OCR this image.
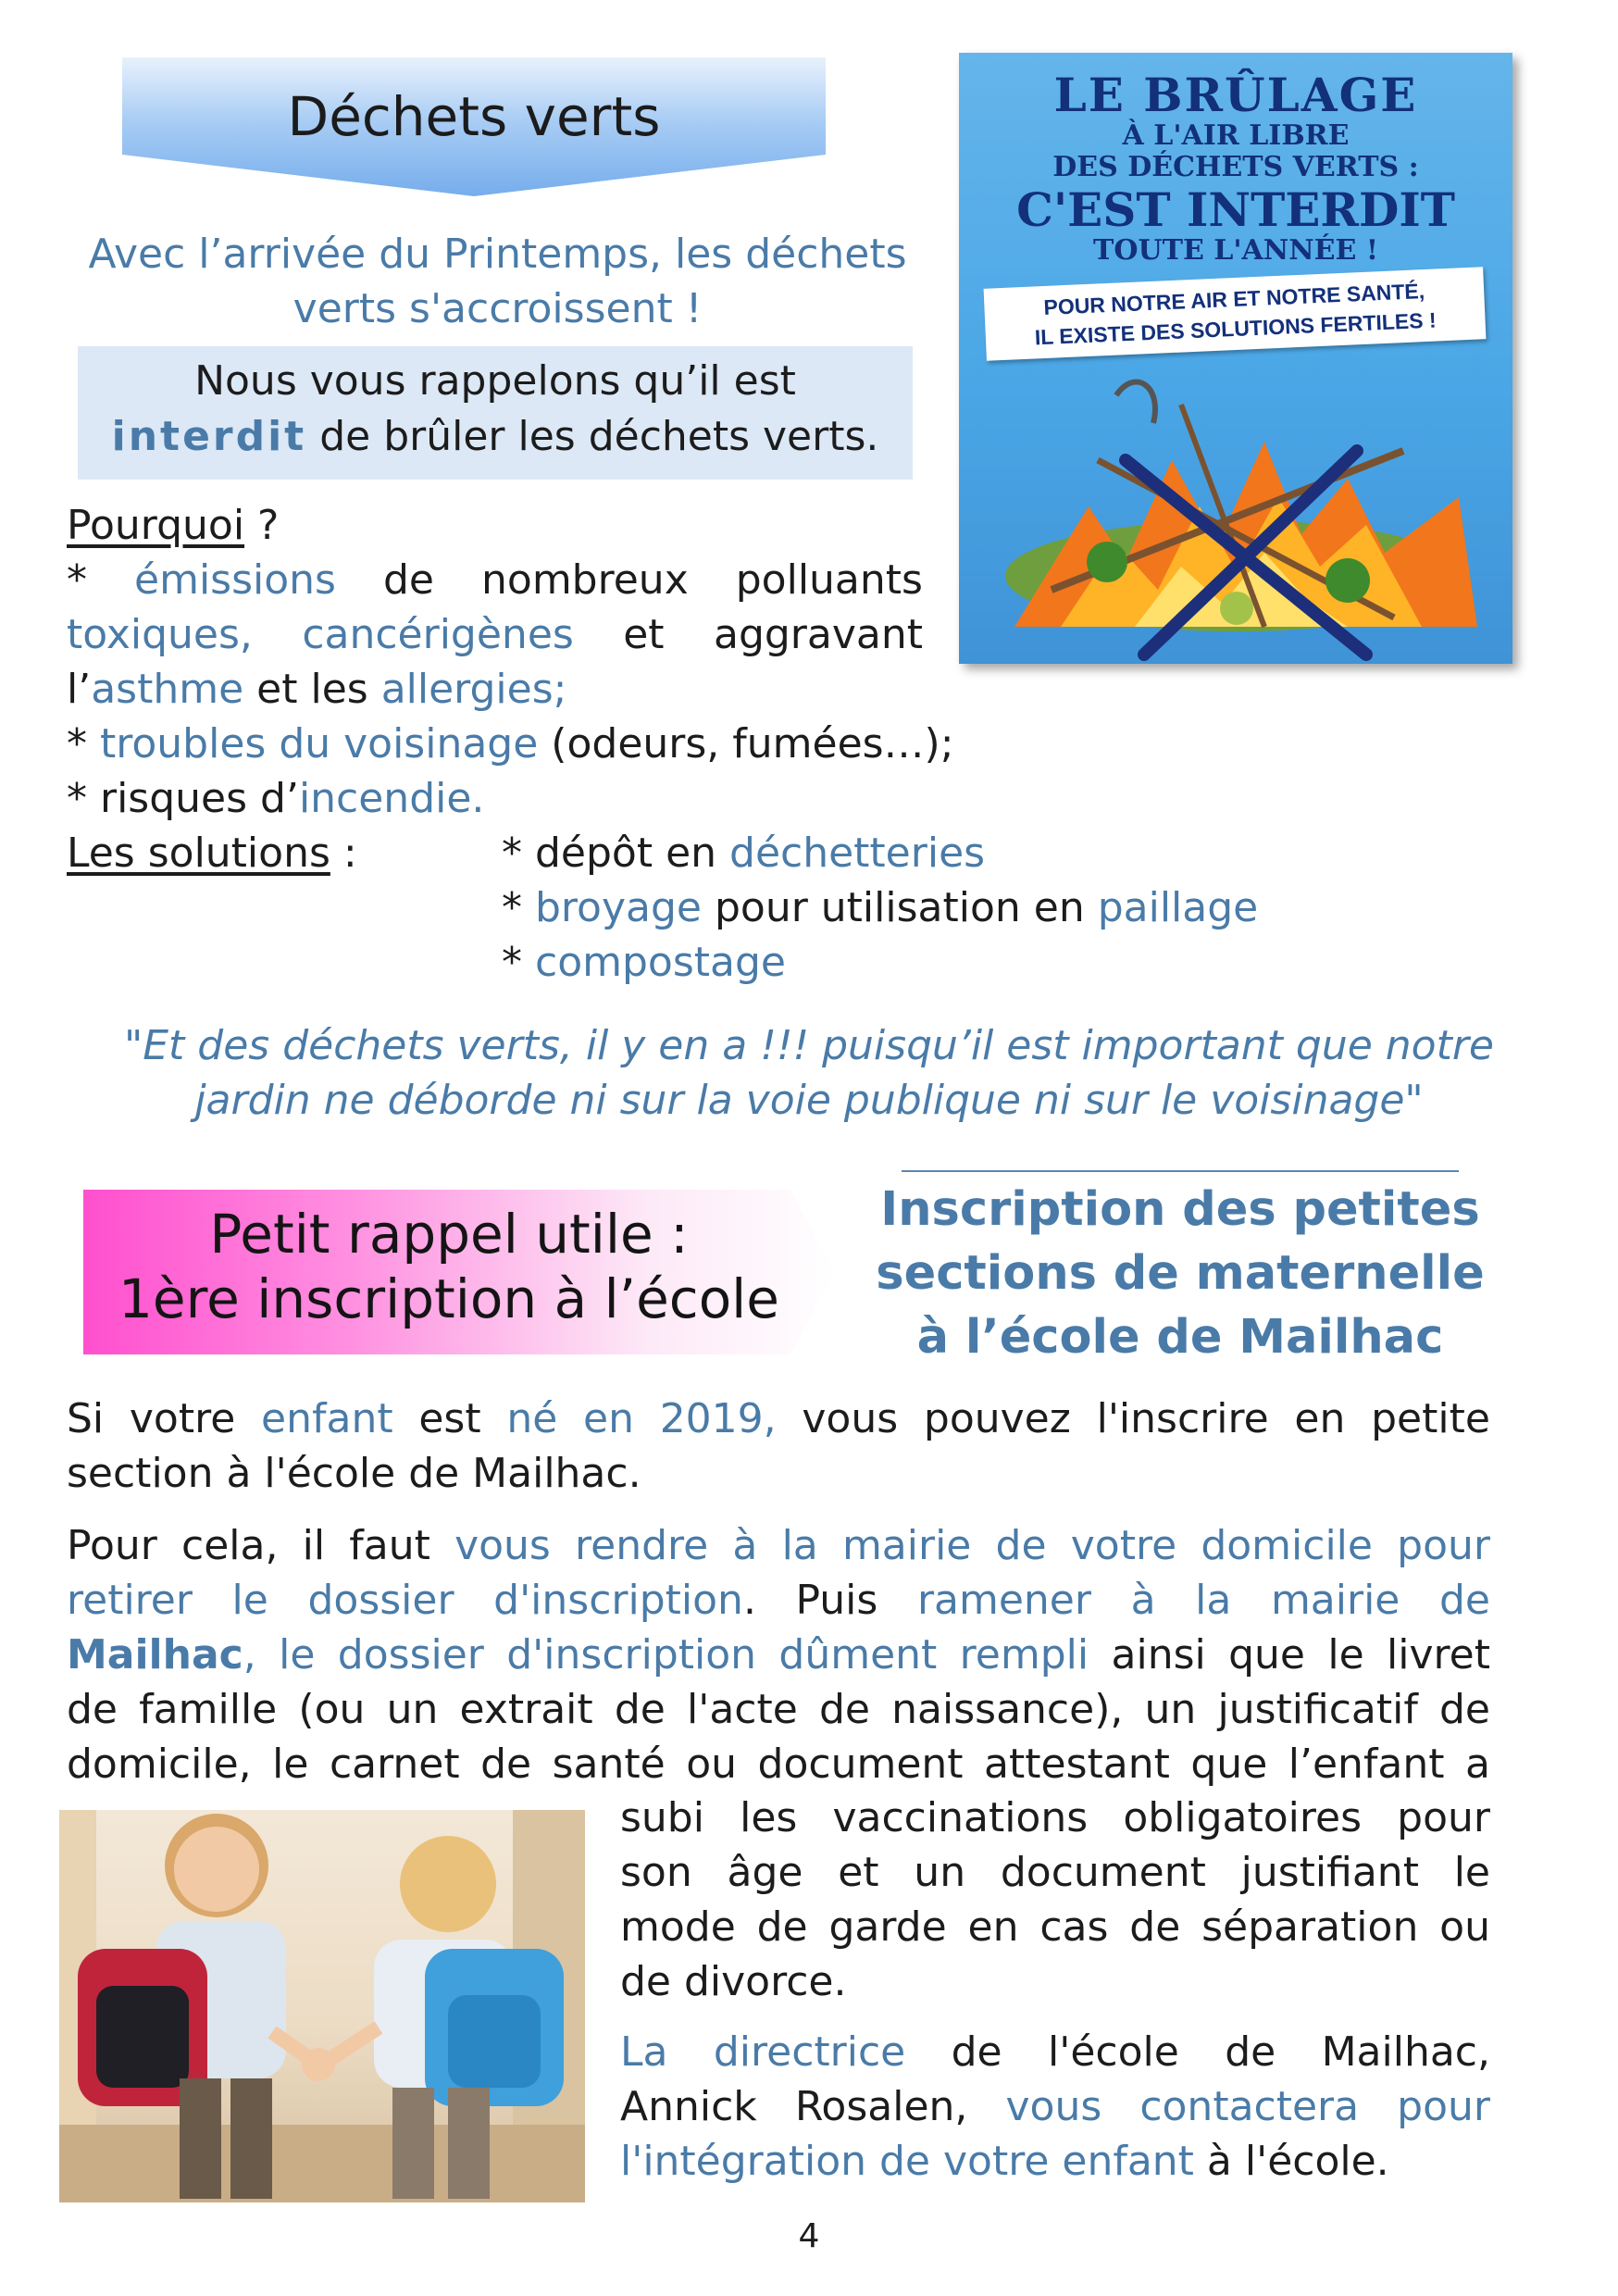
Déchets verts
Avec l’arrivée du Printemps, les déchets verts s'accroissent !
Nous vous rappelons qu’il est
interdit de brûler les déchets verts.
LE BRÛLAGE
À L'AIR LIBRE
DES DÉCHETS VERTS :
C'EST INTERDIT
TOUTE L'ANNÉE !
POUR NOTRE AIR ET NOTRE SANTÉ,
IL EXISTE DES SOLUTIONS FERTILES !
Pourquoi ?
* émissions de nombreux polluants
toxiques, cancérigènes et aggravant
l’asthme et les allergies;
* troubles du voisinage (odeurs, fumées…);
* risques d’incendie.
Les solutions :	* dépôt en déchetteries
* broyage pour utilisation en paillage
* compostage
"Et des déchets verts, il y en a !!! puisqu’il est important que notre
jardin ne déborde ni sur la voie publique ni sur le voisinage"
Petit rappel utile :
1ère inscription à l’école
Inscription des petites
sections de maternelle
à l’école de Mailhac
Si votre enfant est né en 2019, vous pouvez l'inscrire en petite
section à l'école de Mailhac.
Pour cela, il faut vous rendre à la mairie de votre domicile pour
retirer le dossier d'inscription. Puis ramener à la mairie de
Mailhac, le dossier d'inscription dûment rempli ainsi que le livret
de famille (ou un extrait de l'acte de naissance), un justificatif de
domicile, le carnet de santé ou document attestant que l’enfant a
subi les vaccinations obligatoires pour
son âge et un document justifiant le
mode de garde en cas de séparation ou
de divorce.
La directrice de l'école de Mailhac,
Annick Rosalen, vous contactera pour
l'intégration de votre enfant à l'école.
4
